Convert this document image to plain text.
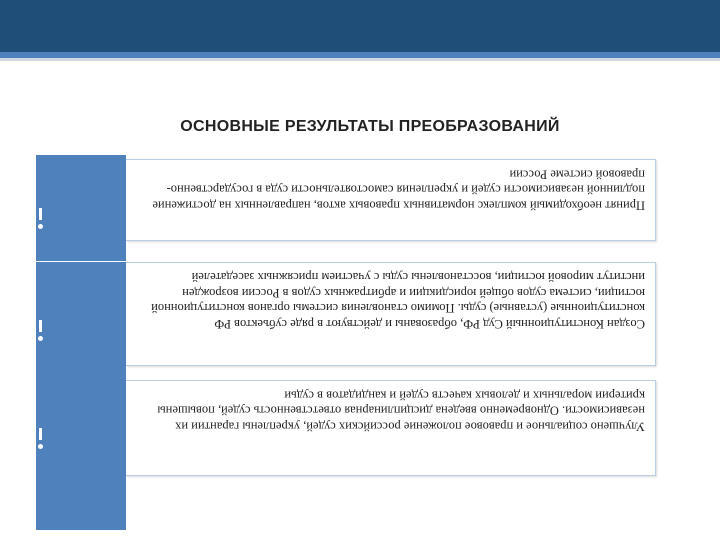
ОСНОВНЫЕ РЕЗУЛЬТАТЫ ПРЕОБРАЗОВАНИЙ
Принят необходимый комплекс нормативных правовых актов, направленных на достижение подлинной независимости судей и укрепления самостоятельности суда в государственно-правовой системе России
Создан Конституционный Суд РФ, образованы и действуют в ряде субъектов РФ конституционные (уставные) суды. Помимо становления системы органов конституционной юстиции, система судов общей юрисдикции и арбитражных судов в России возрожден институт мировой юстиции, восстановлены суды с участием присяжных заседателей
Улучшено социальное и правовое положение российских судей, укреплены гарантии их независимости. Одновременно введена дисциплинарная ответственность судей, повышены критерии моральных и деловых качеств судей и кандидатов в судьи
